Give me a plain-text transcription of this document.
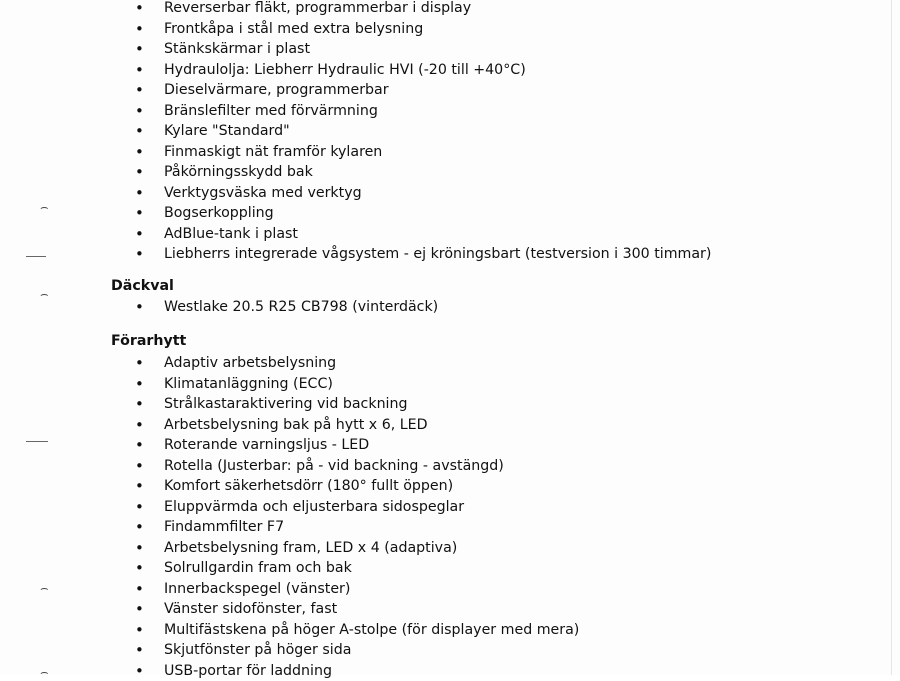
⌢
⌢
⌢
⌢
• Reverserbar fläkt, programmerbar i display
• Frontkåpa i stål med extra belysning
• Stänkskärmar i plast
• Hydraulolja: Liebherr Hydraulic HVI (-20 till +40°C)
• Dieselvärmare, programmerbar
• Bränslefilter med förvärmning
• Kylare "Standard"
• Finmaskigt nät framför kylaren
• Påkörningsskydd bak
• Verktygsväska med verktyg
• Bogserkoppling
• AdBlue-tank i plast
• Liebherrs integrerade vågsystem - ej kröningsbart (testversion i 300 timmar)
Däckval
• Westlake 20.5 R25 CB798 (vinterdäck)
Förarhytt
• Adaptiv arbetsbelysning
• Klimatanläggning (ECC)
• Strålkastaraktivering vid backning
• Arbetsbelysning bak på hytt x 6, LED
• Roterande varningsljus - LED
• Rotella (Justerbar: på - vid backning - avstängd)
• Komfort säkerhetsdörr (180° fullt öppen)
• Eluppvärmda och eljusterbara sidospeglar
• Findammfilter F7
• Arbetsbelysning fram, LED x 4 (adaptiva)
• Solrullgardin fram och bak
• Innerbackspegel (vänster)
• Vänster sidofönster, fast
• Multifästskena på höger A-stolpe (för displayer med mera)
• Skjutfönster på höger sida
• USB-portar för laddning
